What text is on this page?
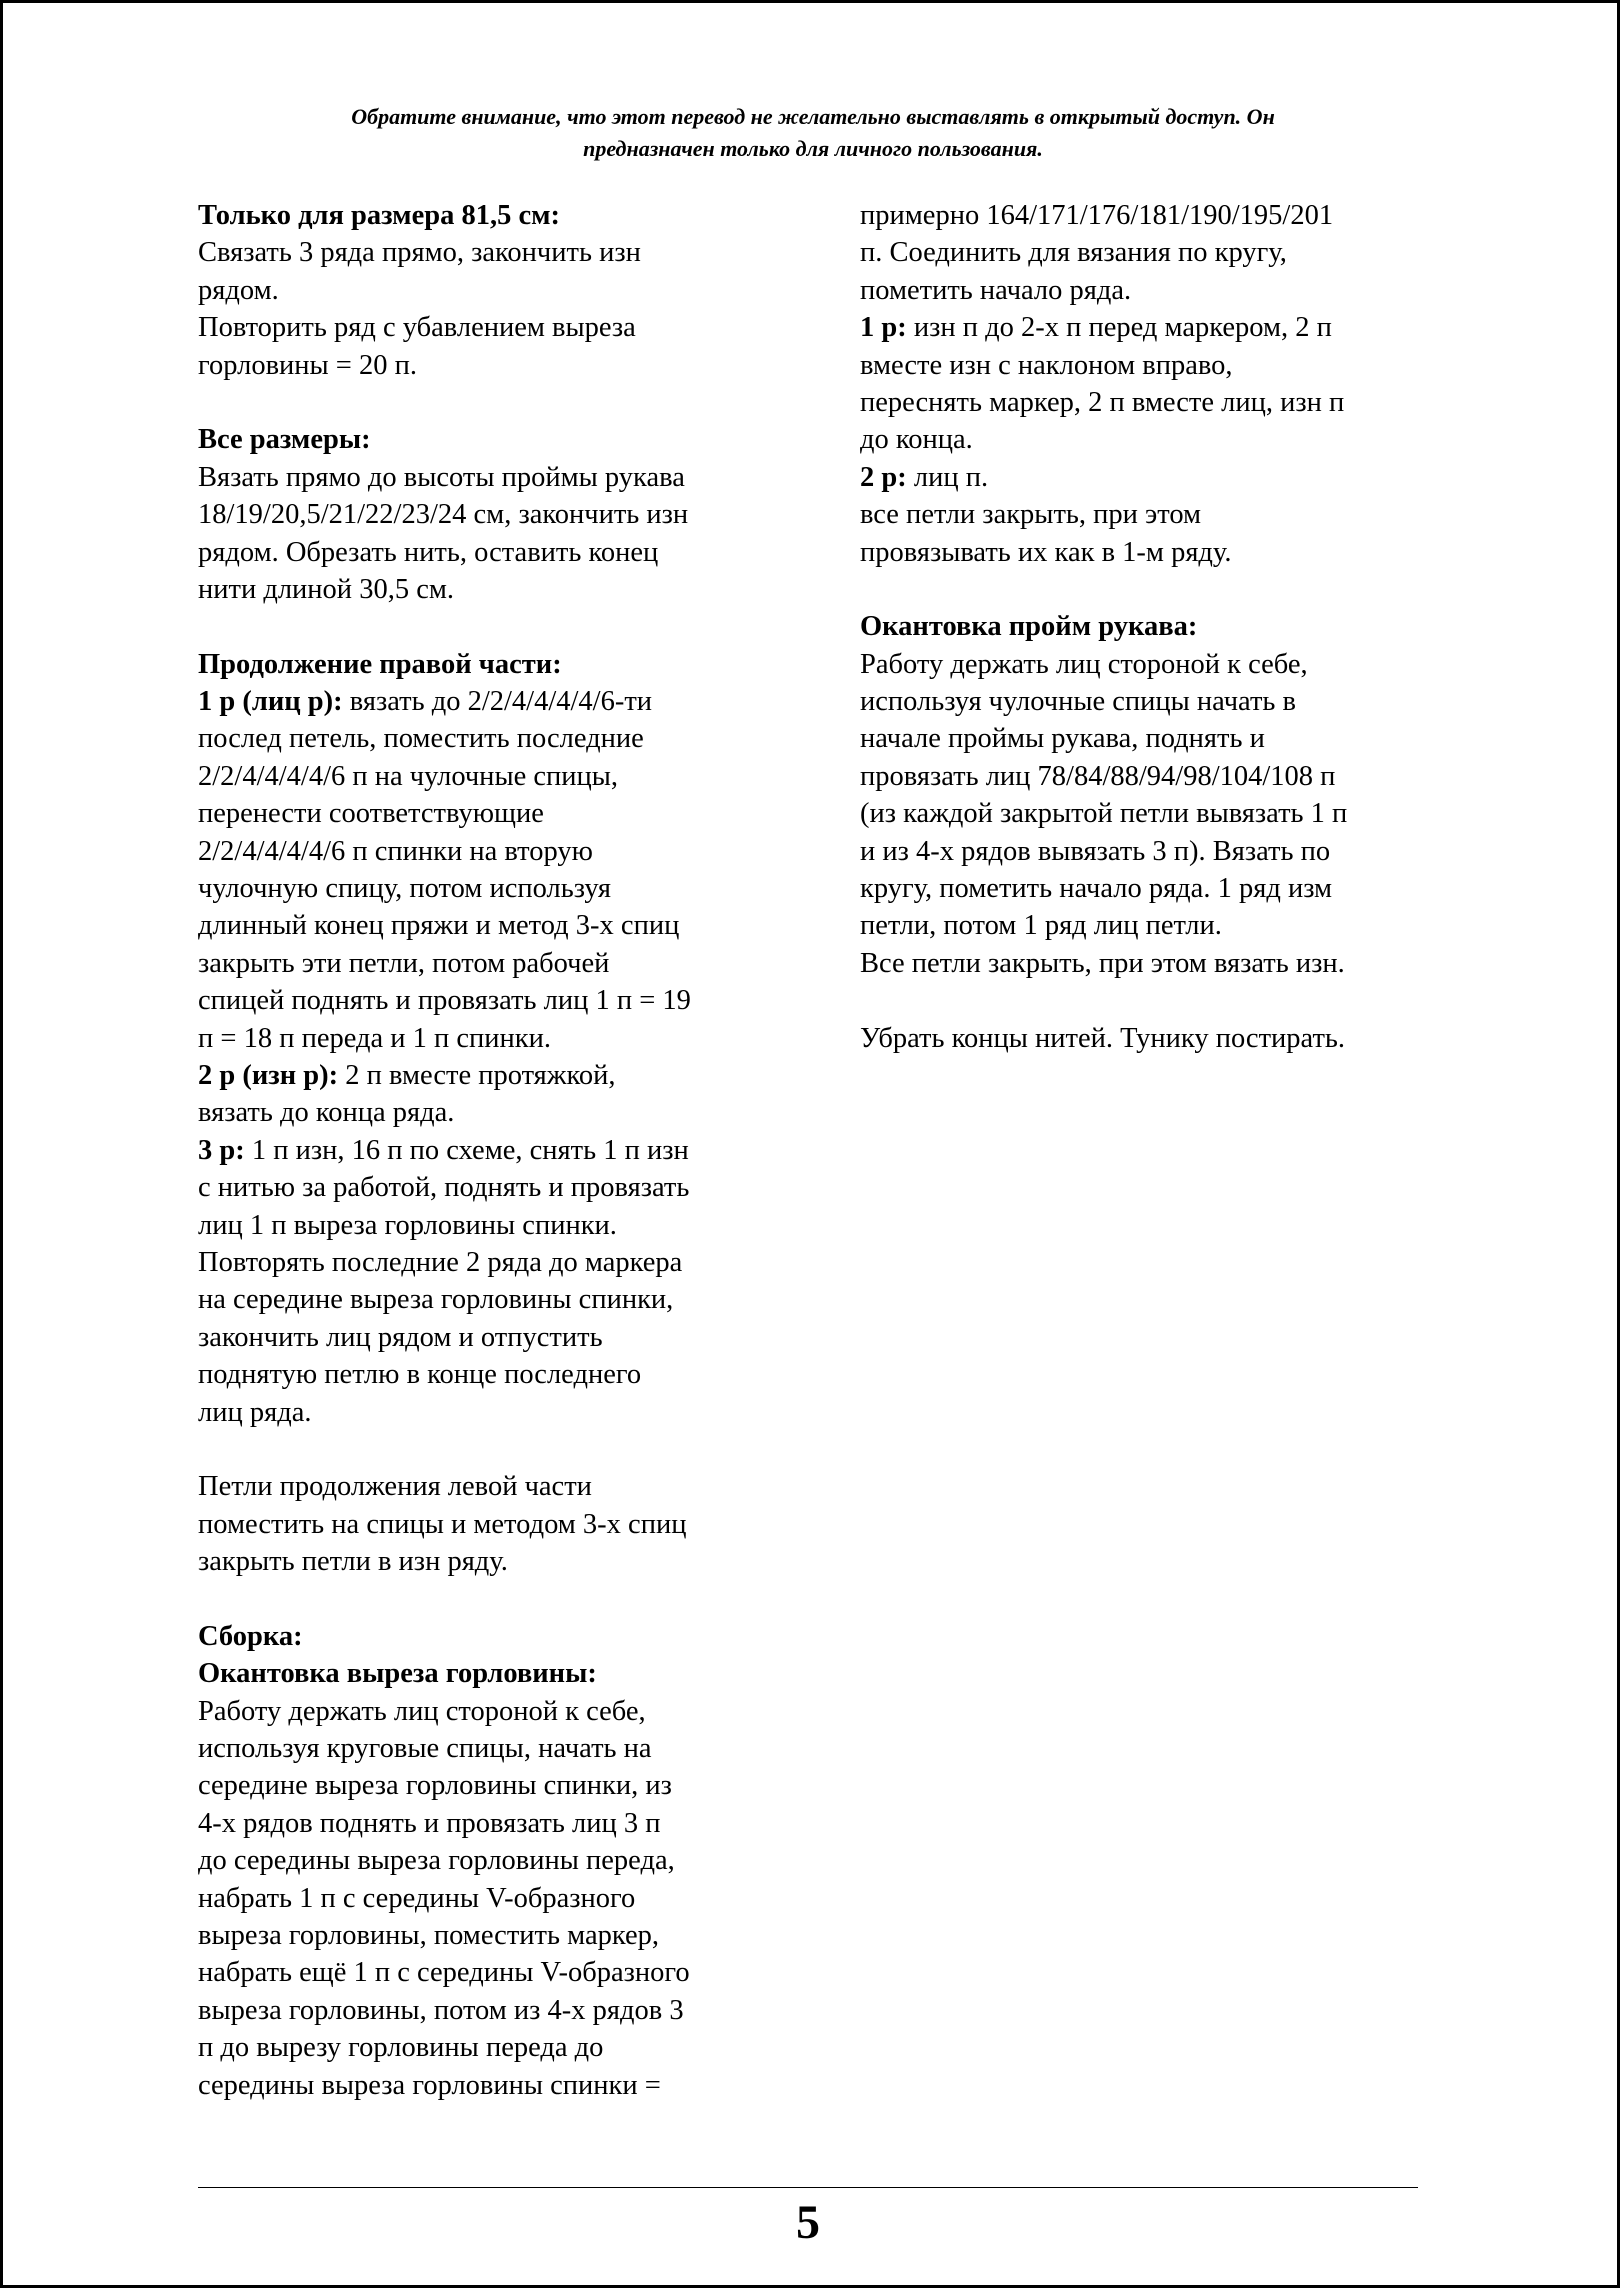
Обратите внимание, что этот перевод не желательно выставлять в открытый доступ. Он
предназначен только для личного пользования.
Только для размера 81,5 см:
Связать 3 ряда прямо, закончить изн
рядом.
Повторить ряд с убавлением выреза
горловины = 20 п.
Все размеры:
Вязать прямо до высоты проймы рукава
18/19/20,5/21/22/23/24 см, закончить изн
рядом. Обрезать нить, оставить конец
нити длиной 30,5 см.
Продолжение правой части:
1 р (лиц р): вязать до 2/2/4/4/4/4/6-ти
послед петель, поместить последние
2/2/4/4/4/4/6 п на чулочные спицы,
перенести соответствующие
2/2/4/4/4/4/6 п спинки на вторую
чулочную спицу, потом используя
длинный конец пряжи и метод 3-х спиц
закрыть эти петли, потом рабочей
спицей поднять и провязать лиц 1 п = 19
п = 18 п переда и 1 п спинки.
2 р (изн р): 2 п вместе протяжкой,
вязать до конца ряда.
3 р: 1 п изн, 16 п по схеме, снять 1 п изн
с нитью за работой, поднять и провязать
лиц 1 п выреза горловины спинки.
Повторять последние 2 ряда до маркера
на середине выреза горловины спинки,
закончить лиц рядом и отпустить
поднятую петлю в конце последнего
лиц ряда.
Петли продолжения левой части
поместить на спицы и методом 3-х спиц
закрыть петли в изн ряду.
Сборка:
Окантовка выреза горловины:
Работу держать лиц стороной к себе,
используя круговые спицы, начать на
середине выреза горловины спинки, из
4-х рядов поднять и провязать лиц 3 п
до середины выреза горловины переда,
набрать 1 п с середины V-образного
выреза горловины, поместить маркер,
набрать ещё 1 п с середины V-образного
выреза горловины, потом из 4-х рядов 3
п до вырезу горловины переда до
середины выреза горловины спинки =
примерно 164/171/176/181/190/195/201
п. Соединить для вязания по кругу,
пометить начало ряда.
1 р: изн п до 2-х п перед маркером, 2 п
вместе изн с наклоном вправо,
переснять маркер, 2 п вместе лиц, изн п
до конца.
2 р: лиц п.
все петли закрыть, при этом
провязывать их как в 1-м ряду.
Окантовка пройм рукава:
Работу держать лиц стороной к себе,
используя чулочные спицы начать в
начале проймы рукава, поднять и
провязать лиц 78/84/88/94/98/104/108 п
(из каждой закрытой петли вывязать 1 п
и из 4-х рядов вывязать 3 п). Вязать по
кругу, пометить начало ряда. 1 ряд изм
петли, потом 1 ряд лиц петли.
Все петли закрыть, при этом вязать изн.
Убрать концы нитей. Тунику постирать.
5
